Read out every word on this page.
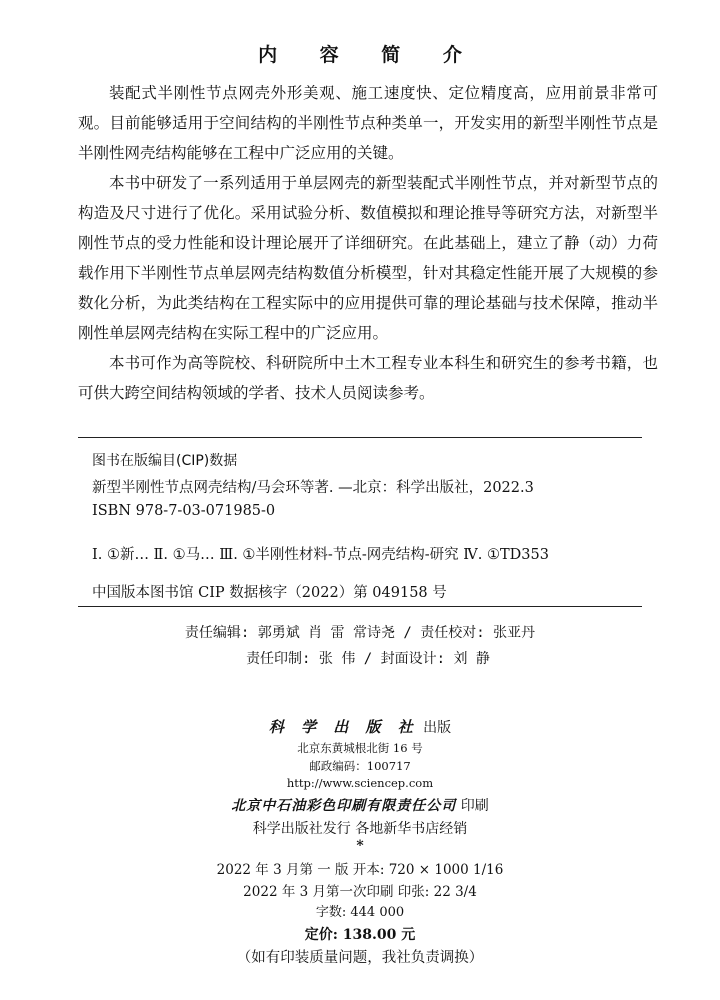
内 容 简 介

装配式半刚性节点网壳外形美观、施工速度快、定位精度高，应用前景非常可观。目前能够适用于空间结构的半刚性节点种类单一，开发实用的新型半刚性节点是半刚性网壳结构能够在工程中广泛应用的关键。

本书中研发了一系列适用于单层网壳的新型装配式半刚性节点，并对新型节点的构造及尺寸进行了优化。采用试验分析、数值模拟和理论推导等研究方法，对新型半刚性节点的受力性能和设计理论展开了详细研究。在此基础上，建立了静（动）力荷载作用下半刚性节点单层网壳结构数值分析模型，针对其稳定性能开展了大规模的参数化分析，为此类结构在工程实际中的应用提供可靠的理论基础与技术保障，推动半刚性单层网壳结构在实际工程中的广泛应用。

本书可作为高等院校、科研院所中土木工程专业本科生和研究生的参考书籍，也可供大跨空间结构领域的学者、技术人员阅读参考。

图书在版编目(CIP)数据
新型半刚性节点网壳结构/马会环等著. —北京：科学出版社，2022.3
ISBN 978-7-03-071985-0
Ⅰ. ①新… Ⅱ. ①马… Ⅲ. ①半刚性材料-节点-网壳结构-研究 Ⅳ. ①TD353
中国版本图书馆 CIP 数据核字（2022）第 049158 号
责任编辑: 郭勇斌 肖 雷 常诗尧 / 责任校对: 张亚丹
责任印制: 张 伟 / 封面设计: 刘 静
科 学 出 版 社 出版
北京东黄城根北街 16 号
邮政编码：100717
http://www.sciencep.com
北京中石油彩色印刷有限责任公司 印刷
科学出版社发行 各地新华书店经销
*
2022 年 3 月第 一 版 开本: 720 × 1000 1/16
2022 年 3 月第一次印刷 印张: 22 3/4
字数: 444 000
定价: 138.00 元
（如有印装质量问题，我社负责调换）
